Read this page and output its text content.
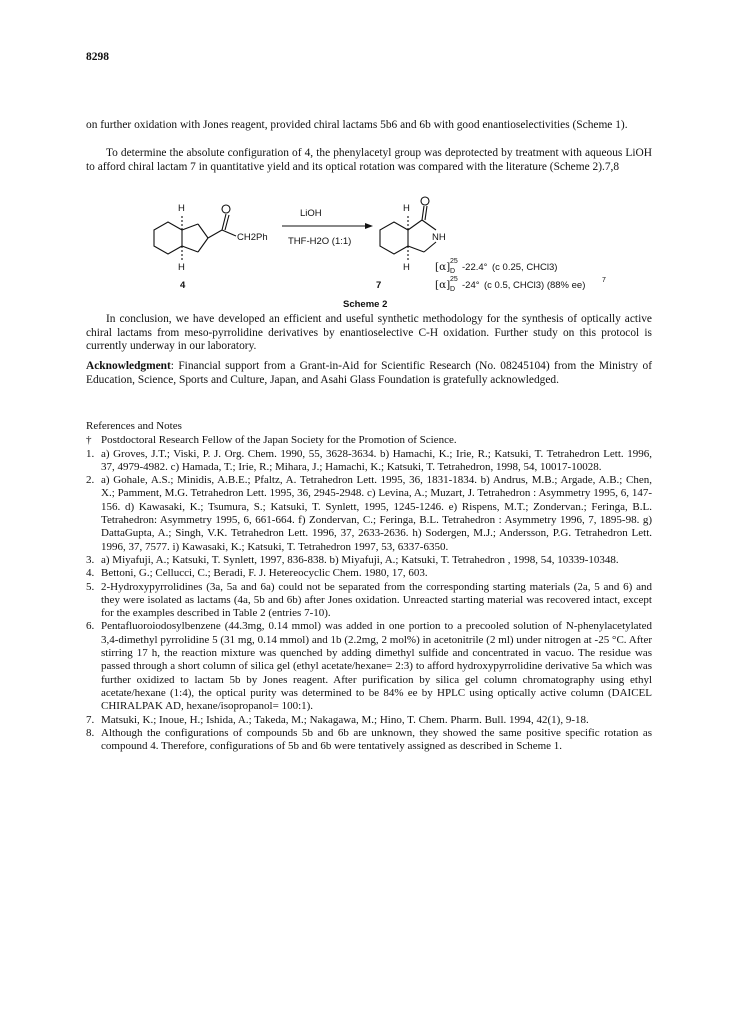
8298

on further oxidation with Jones reagent, provided chiral lactams 5b6 and 6b with good enantioselectivities (Scheme 1).

To determine the absolute configuration of 4, the phenylacetyl group was deprotected by treatment with aqueous LiOH to afford chiral lactam 7 in quantitative yield and its optical rotation was compared with the literature (Scheme 2).7,8

H
H
CH2Ph
4
LiOH
THF-H2O (1:1)
H
H
NH
7
[α] 25
D -22.4° (c 0.25, CHCl3)
[α] 25
D -24° (c 0.5, CHCl3) (88% ee) 7
Scheme 2

In conclusion, we have developed an efficient and useful synthetic methodology for the synthesis of optically active chiral lactams from meso-pyrrolidine derivatives by enantioselective C-H oxidation. Further study on this protocol is currently underway in our laboratory.

Acknowledgment: Financial support from a Grant-in-Aid for Scientific Research (No. 08245104) from the Ministry of Education, Science, Sports and Culture, Japan, and Asahi Glass Foundation is gratefully acknowledged.

References and Notes
† Postdoctoral Research Fellow of the Japan Society for the Promotion of Science.
1. a) Groves, J.T.; Viski, P. J. Org. Chem. 1990, 55, 3628-3634. b) Hamachi, K.; Irie, R.; Katsuki, T. Tetrahedron Lett. 1996, 37, 4979-4982. c) Hamada, T.; Irie, R.; Mihara, J.; Hamachi, K.; Katsuki, T. Tetrahedron, 1998, 54, 10017-10028.
2. a) Gohale, A.S.; Minidis, A.B.E.; Pfaltz, A. Tetrahedron Lett. 1995, 36, 1831-1834. b) Andrus, M.B.; Argade, A.B.; Chen, X.; Pamment, M.G. Tetrahedron Lett. 1995, 36, 2945-2948. c) Levina, A.; Muzart, J. Tetrahedron : Asymmetry 1995, 6, 147-156. d) Kawasaki, K.; Tsumura, S.; Katsuki, T. Synlett, 1995, 1245-1246. e) Rispens, M.T.; Zondervan.; Feringa, B.L. Tetrahedron: Asymmetry 1995, 6, 661-664. f) Zondervan, C.; Feringa, B.L. Tetrahedron : Asymmetry 1996, 7, 1895-98. g) DattaGupta, A.; Singh, V.K. Tetrahedron Lett. 1996, 37, 2633-2636. h) Sodergen, M.J.; Andersson, P.G. Tetrahedron Lett. 1996, 37, 7577. i) Kawasaki, K.; Katsuki, T. Tetrahedron 1997, 53, 6337-6350.
3. a) Miyafuji, A.; Katsuki, T. Synlett, 1997, 836-838. b) Miyafuji, A.; Katsuki, T. Tetrahedron , 1998, 54, 10339-10348.
4. Bettoni, G.; Cellucci, C.; Beradi, F. J. Hetereocyclic Chem. 1980, 17, 603.
5. 2-Hydroxypyrrolidines (3a, 5a and 6a) could not be separated from the corresponding starting materials (2a, 5 and 6) and they were isolated as lactams (4a, 5b and 6b) after Jones oxidation. Unreacted starting material was recovered intact, except for the examples described in Table 2 (entries 7-10).
6. Pentafluoroiodosylbenzene (44.3mg, 0.14 mmol) was added in one portion to a precooled solution of N-phenylacetylated 3,4-dimethyl pyrrolidine 5 (31 mg, 0.14 mmol) and 1b (2.2mg, 2 mol%) in acetonitrile (2 ml) under nitrogen at -25 °C. After stirring 17 h, the reaction mixture was quenched by adding dimethyl sulfide and concentrated in vacuo. The residue was passed through a short column of silica gel (ethyl acetate/hexane= 2:3) to afford hydroxypyrrolidine derivative 5a which was further oxidized to lactam 5b by Jones reagent. After purification by silica gel column chromatography using ethyl acetate/hexane (1:4), the optical purity was determined to be 84% ee by HPLC using optically active column (DAICEL CHIRALPAK AD, hexane/isopropanol= 100:1).
7. Matsuki, K.; Inoue, H.; Ishida, A.; Takeda, M.; Nakagawa, M.; Hino, T. Chem. Pharm. Bull. 1994, 42(1), 9-18.
8. Although the configurations of compounds 5b and 6b are unknown, they showed the same positive specific rotation as compound 4. Therefore, configurations of 5b and 6b were tentatively assigned as described in Scheme 1.
